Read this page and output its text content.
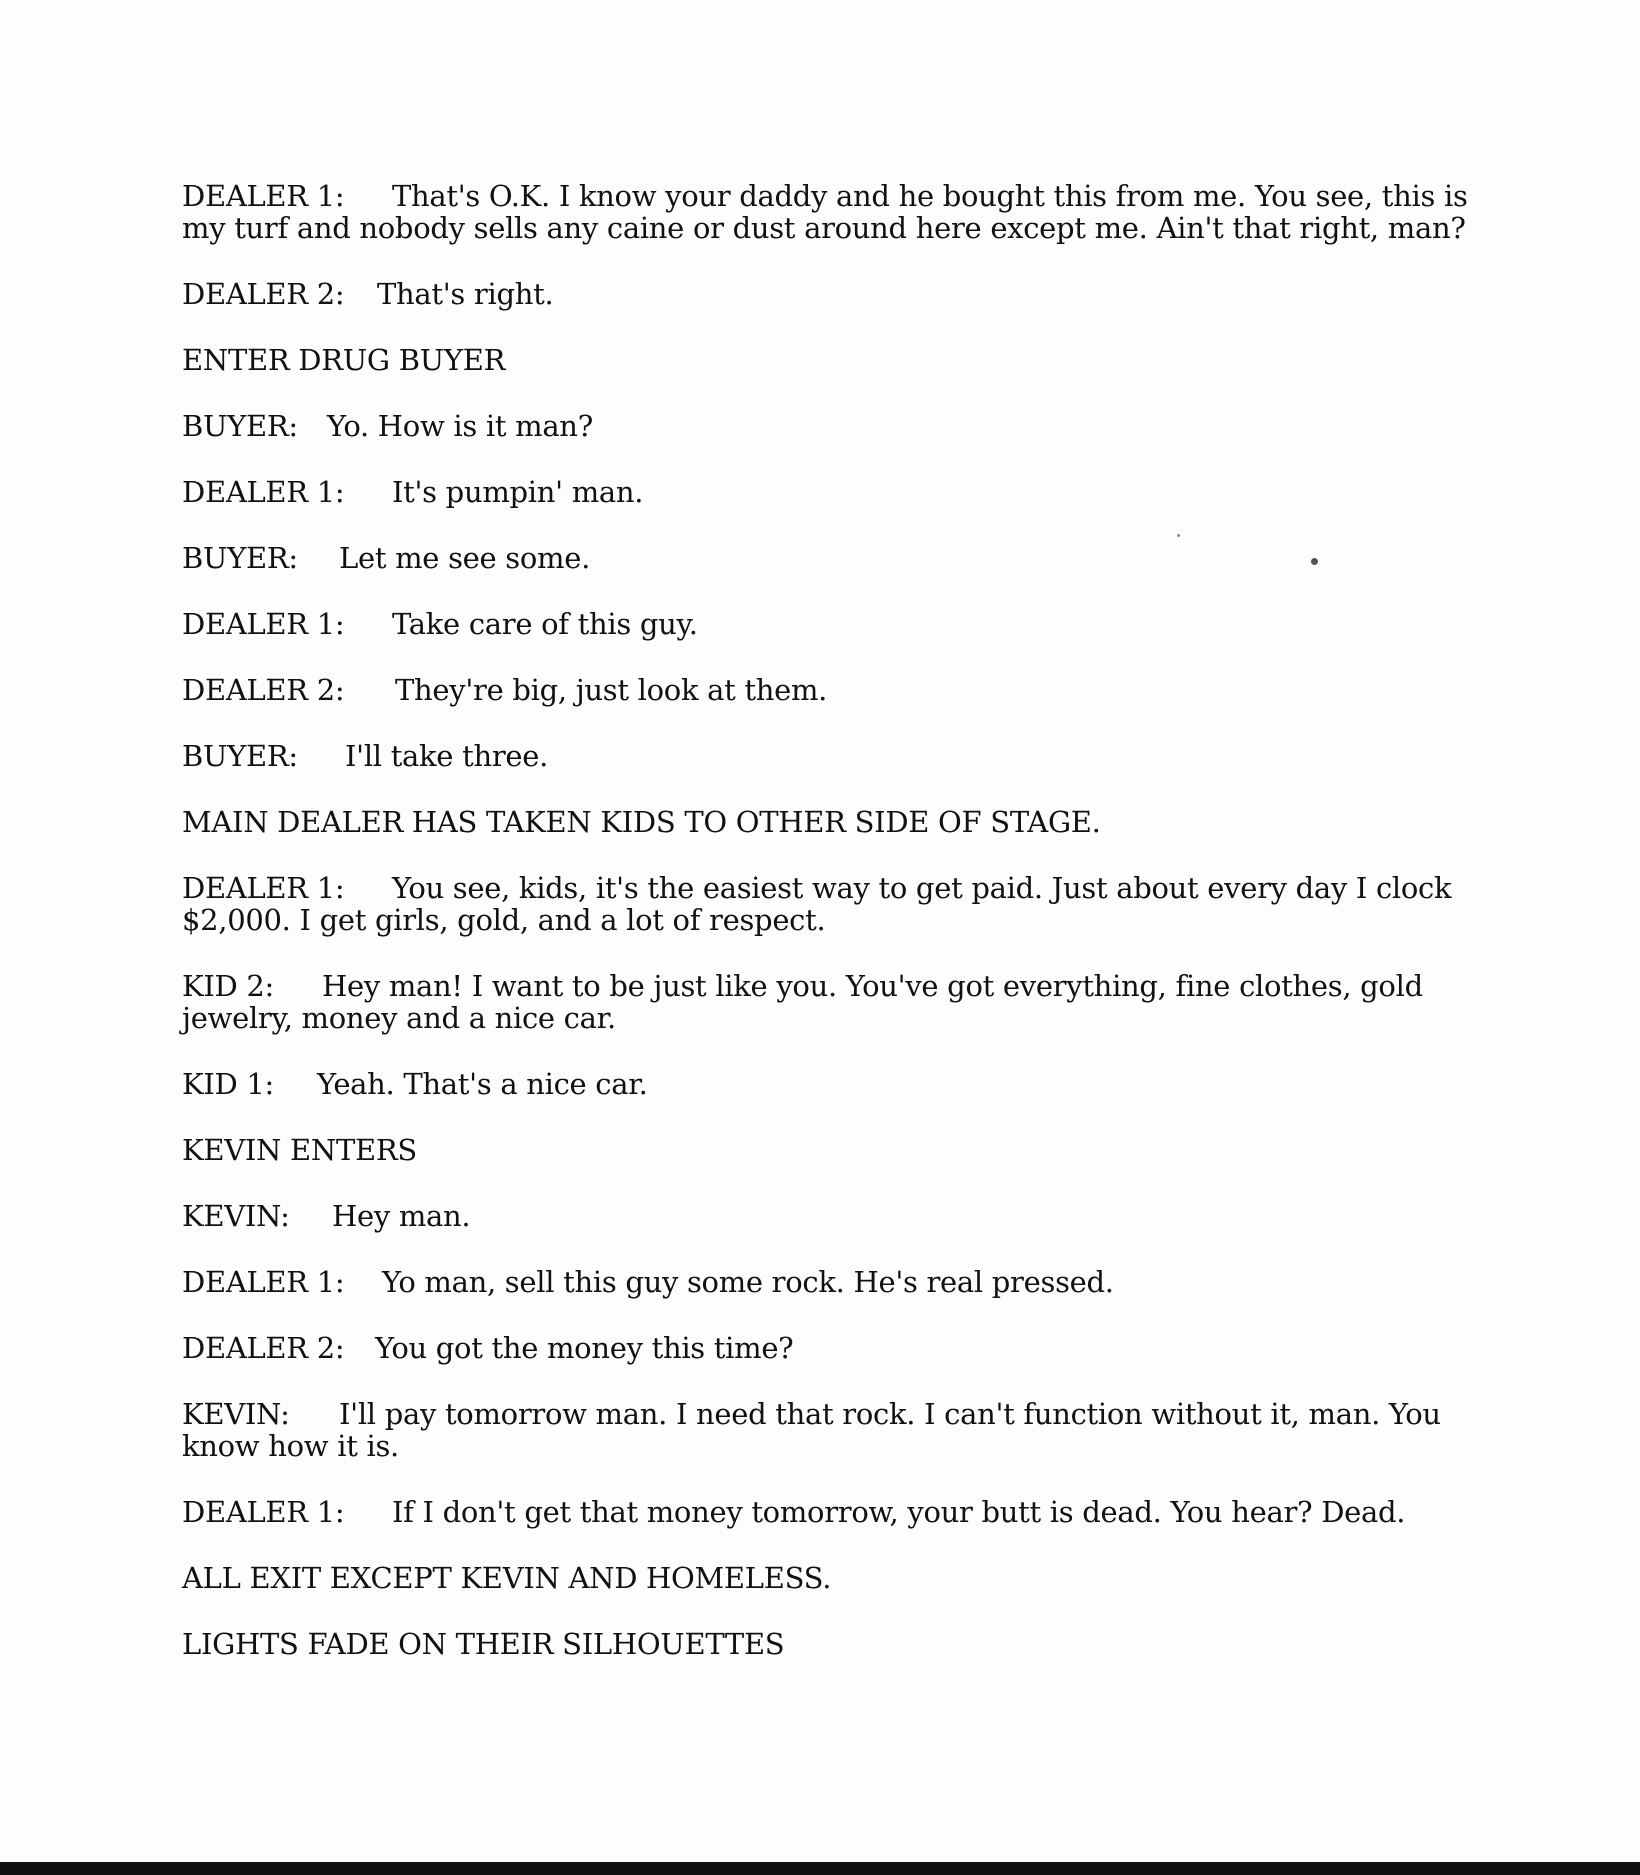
DEALER 1: That's O.K. I know your daddy and he bought this from me. You see, this is my turf and nobody sells any caine or dust around here except me. Ain't that right, man?

DEALER 2: That's right.

ENTER DRUG BUYER

BUYER: Yo. How is it man?

DEALER 1: It's pumpin' man.

BUYER: Let me see some.

DEALER 1: Take care of this guy.

DEALER 2: They're big, just look at them.

BUYER: I'll take three.

MAIN DEALER HAS TAKEN KIDS TO OTHER SIDE OF STAGE.

DEALER 1: You see, kids, it's the easiest way to get paid. Just about every day I clock $2,000. I get girls, gold, and a lot of respect.

KID 2: Hey man! I want to be just like you. You've got everything, fine clothes, gold jewelry, money and a nice car.

KID 1: Yeah. That's a nice car.

KEVIN ENTERS

KEVIN: Hey man.

DEALER 1: Yo man, sell this guy some rock. He's real pressed.

DEALER 2: You got the money this time?

KEVIN: I'll pay tomorrow man. I need that rock. I can't function without it, man. You know how it is.

DEALER 1: If I don't get that money tomorrow, your butt is dead. You hear? Dead.

ALL EXIT EXCEPT KEVIN AND HOMELESS.

LIGHTS FADE ON THEIR SILHOUETTES
